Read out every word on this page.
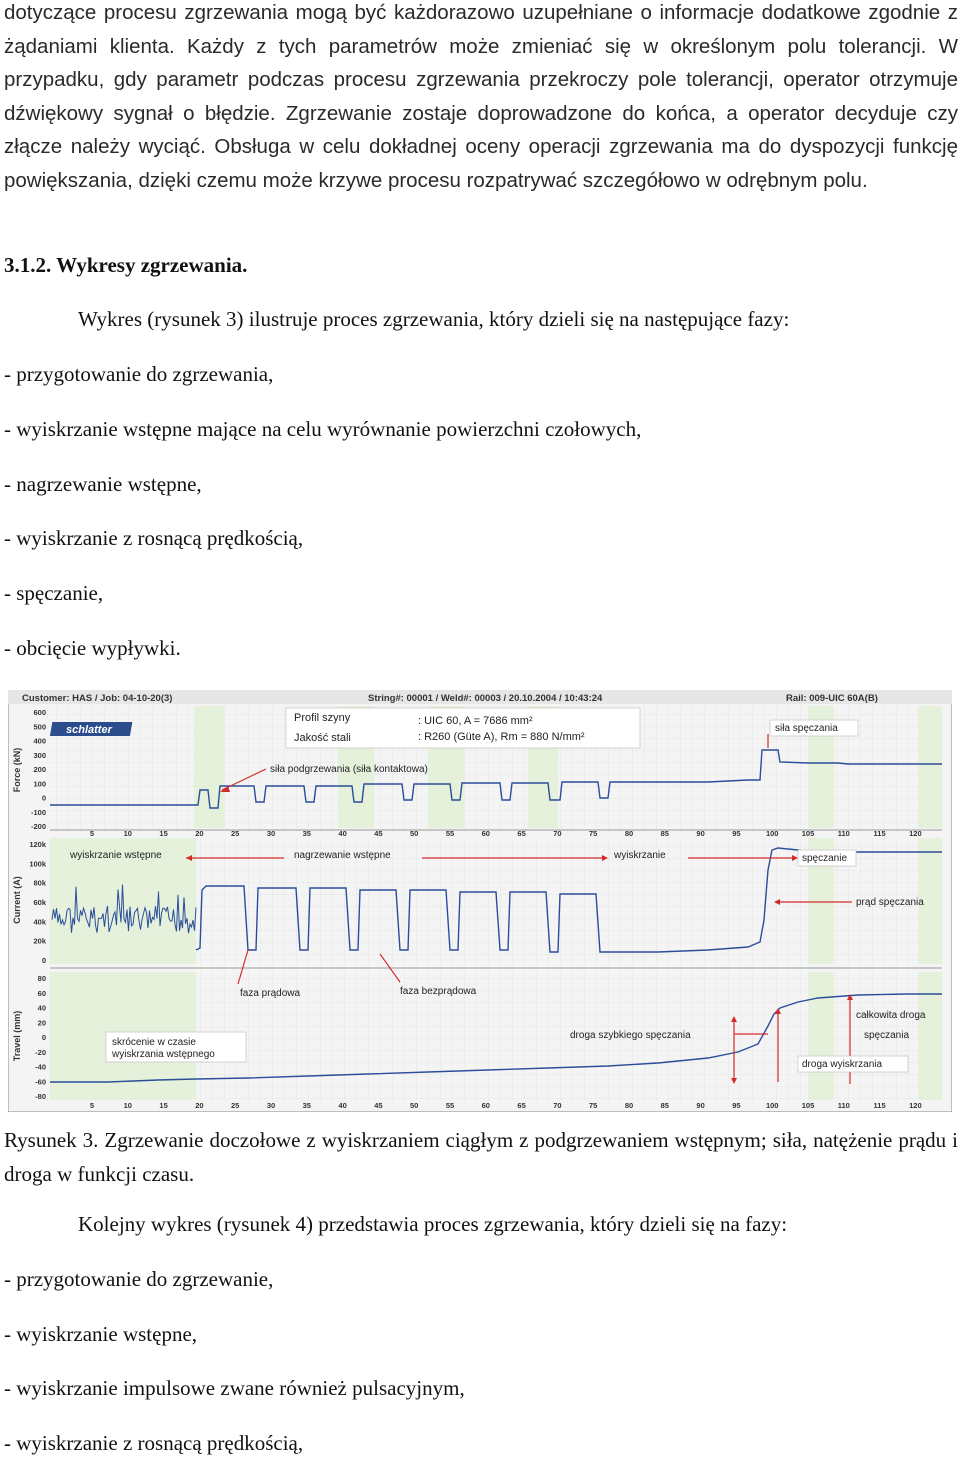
dotyczące procesu zgrzewania mogą być każdorazowo uzupełniane o informacje dodatkowe zgodnie z żądaniami klienta. Każdy z tych parametrów może zmieniać się w określonym polu tolerancji. W przypadku, gdy parametr podczas procesu zgrzewania przekroczy pole tolerancji, operator otrzymuje dźwiękowy sygnał o błędzie. Zgrzewanie zostaje doprowadzone do końca, a operator decyduje czy złącze należy wyciąć. Obsługa w celu dokładnej oceny operacji zgrzewania ma do dyspozycji funkcję powiększania, dzięki czemu może krzywe procesu rozpatrywać szczegółowo w odrębnym polu.

3.1.2. Wykresy zgrzewania.
Wykres (rysunek 3) ilustruje proces zgrzewania, który dzieli się na następujące fazy:
- przygotowanie do zgrzewania,
- wyiskrzanie wstępne mające na celu wyrównanie powierzchni czołowych,
- nagrzewanie wstępne,
- wyiskrzanie z rosnącą prędkością,
- spęczanie,
- obcięcie wypływki.
Customer: HAS / Job: 04-10-20(3)	String#: 00001 / Weld#: 00003 / 20.10.2004 / 10:43:24	Rail: 009-UIC 60A(B)
Force (kN)
Current (A)
Travel (mm)
600
500
400
300
200
100
0
-100
-200
120k
100k
80k
60k
40k
20k
0
80
60
40
20
0
-20
-40
-60
-80
5	10	15	20	25	30	35	40	45	50	55	60	65	70	75	80	85	90	95	100	105	110	115	120
5	10	15	20	25	30	35	40	45	50	55	60	65	70	75	80	85	90	95	100	105	110	115	120
schlatter
Profil szyny	: UIC 60, A = 7686 mm²
Jakość stali	: R260 (Güte A), Rm = 880 N/mm²
siła podgrzewania (siła kontaktowa)
siła spęczania
wyiskrzanie wstępne	nagrzewanie wstępne	wyiskrzanie	spęczanie
prąd spęczania
faza prądowa	faza bezprądowa
skrócenie w czasie
wyiskrzania wstępnego
droga szybkiego spęczania
całkowita droga
spęczania
droga wyiskrzania
Rysunek 3. Zgrzewanie doczołowe z wyiskrzaniem ciągłym z podgrzewaniem wstępnym; siła, natężenie prądu i droga w funkcji czasu.
Kolejny wykres (rysunek 4) przedstawia proces zgrzewania, który dzieli się na fazy:
- przygotowanie do zgrzewanie,
- wyiskrzanie wstępne,
- wyiskrzanie impulsowe zwane również pulsacyjnym,
- wyiskrzanie z rosnącą prędkością,
